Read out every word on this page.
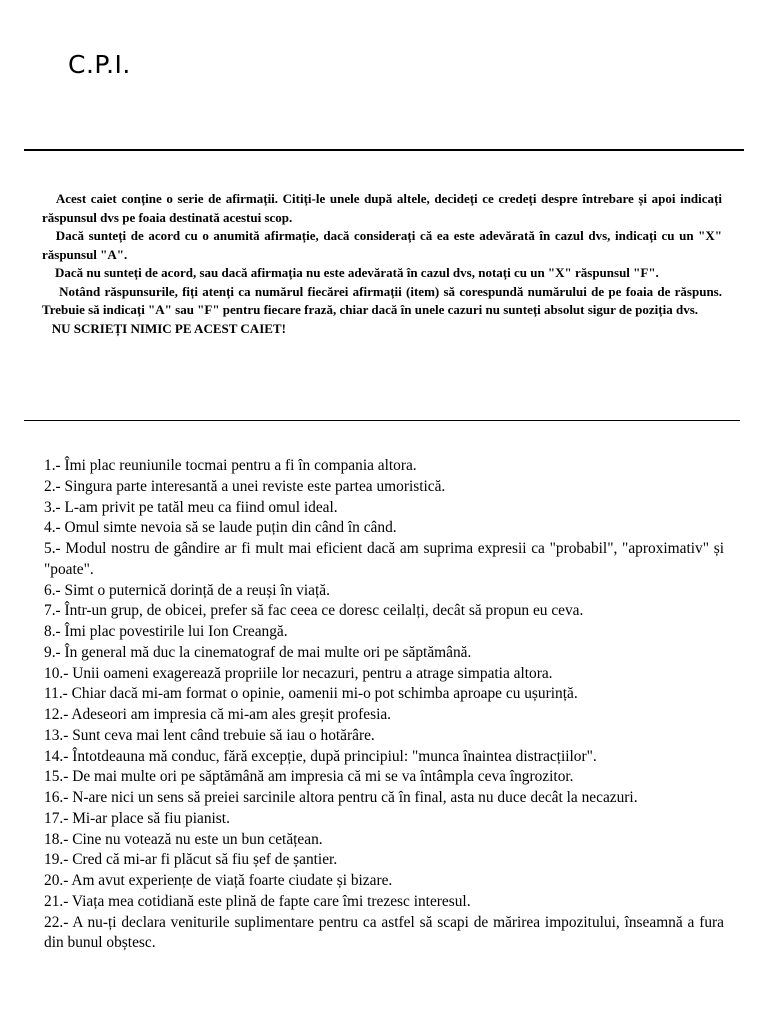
C.P.I.

Acest caiet conține o serie de afirmații. Citiți-le unele după altele, decideți ce credeți despre întrebare și apoi indicați răspunsul dvs pe foaia destinată acestui scop.

Dacă sunteți de acord cu o anumită afirmație, dacă considerați că ea este adevărată în cazul dvs, indicați cu un "X" răspunsul "A".

Dacă nu sunteți de acord, sau dacă afirmația nu este adevărată în cazul dvs, notați cu un "X" răspunsul "F".

Notând răspunsurile, fiți atenți ca numărul fiecărei afirmații (item) să corespundă numărului de pe foaia de răspuns. Trebuie să indicați "A" sau "F" pentru fiecare frază, chiar dacă în unele cazuri nu sunteți absolut sigur de poziția dvs.

NU SCRIEȚI NIMIC PE ACEST CAIET!

1.- Îmi plac reuniunile tocmai pentru a fi în compania altora.
2.- Singura parte interesantă a unei reviste este partea umoristică.
3.- L-am privit pe tatăl meu ca fiind omul ideal.
4.- Omul simte nevoia să se laude puțin din când în când.
5.- Modul nostru de gândire ar fi mult mai eficient dacă am suprima expresii ca "probabil", "aproximativ" și "poate".
6.- Simt o puternică dorință de a reuși în viață.
7.- Într-un grup, de obicei, prefer să fac ceea ce doresc ceilalți, decât să propun eu ceva.
8.- Îmi plac povestirile lui Ion Creangă.
9.- În general mă duc la cinematograf de mai multe ori pe săptămână.
10.- Unii oameni exagerează propriile lor necazuri, pentru a atrage simpatia altora.
11.- Chiar dacă mi-am format o opinie, oamenii mi-o pot schimba aproape cu ușurință.
12.- Adeseori am impresia că mi-am ales greșit profesia.
13.- Sunt ceva mai lent când trebuie să iau o hotărâre.
14.- Întotdeauna mă conduc, fără excepție, după principiul: "munca înaintea distracțiilor".
15.- De mai multe ori pe săptămână am impresia că mi se va întâmpla ceva îngrozitor.
16.- N-are nici un sens să preiei sarcinile altora pentru că în final, asta nu duce decât la necazuri.
17.- Mi-ar place să fiu pianist.
18.- Cine nu votează nu este un bun cetățean.
19.- Cred că mi-ar fi plăcut să fiu șef de șantier.
20.- Am avut experiențe de viață foarte ciudate și bizare.
21.- Viața mea cotidiană este plină de fapte care îmi trezesc interesul.
22.- A nu-ți declara veniturile suplimentare pentru ca astfel să scapi de mărirea impozitului, înseamnă a fura din bunul obștesc.
